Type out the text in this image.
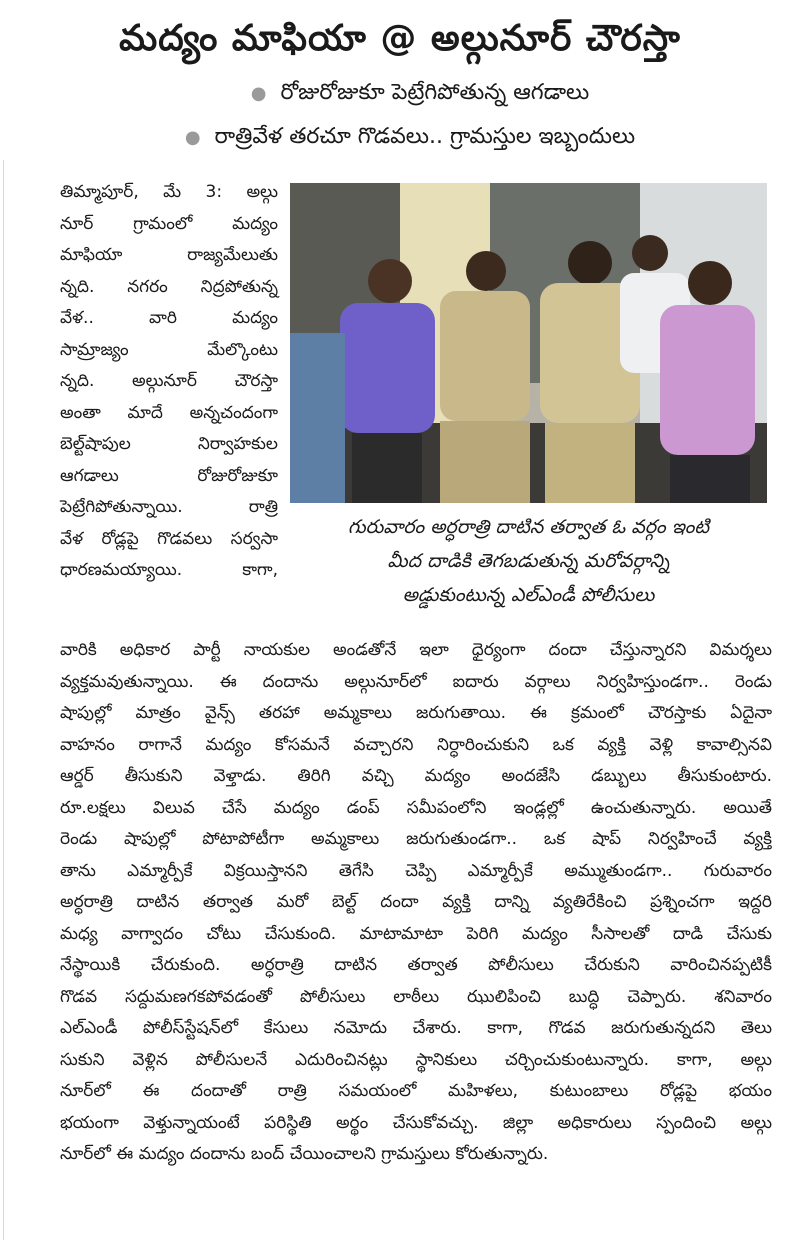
మద్యం మాఫియా @ అల్గునూర్ చౌరస్తా
● రోజురోజుకూ పెట్రేగిపోతున్న ఆగడాలు
● రాత్రివేళ తరచూ గొడవలు.. గ్రామస్తుల ఇబ్బందులు

తిమ్మాపూర్, మే 3: అల్గు

నూర్ గ్రామంలో మద్యం

మాఫియా రాజ్యమేలుతు

న్నది. నగరం నిద్రపోతున్న

వేళ.. వారి మద్యం

సామ్రాజ్యం మేల్కొంటు

న్నది. అల్గునూర్ చౌరస్తా

అంతా మాదే అన్నచందంగా

బెల్ట్‌షాపుల నిర్వాహకుల

ఆగడాలు రోజురోజుకూ

పెట్రేగిపోతున్నాయి. రాత్రి

వేళ రోడ్లపై గొడవలు సర్వసా

ధారణమయ్యాయి. కాగా,

గురువారం అర్ధరాత్రి దాటిన తర్వాత ఓ వర్గం ఇంటి
మీద దాడికి తెగబడుతున్న మరోవర్గాన్ని
అడ్డుకుంటున్న ఎల్ఎండీ పోలీసులు

వారికి అధికార పార్టీ నాయకుల అండతోనే ఇలా ధైర్యంగా దందా చేస్తున్నారని విమర్శలు

వ్యక్తమవుతున్నాయి. ఈ దందాను అల్గునూర్‌లో ఐదారు వర్గాలు నిర్వహిస్తుండగా.. రెండు

షాపుల్లో మాత్రం వైన్స్ తరహా అమ్మకాలు జరుగుతాయి. ఈ క్రమంలో చౌరస్తాకు ఏదైనా

వాహనం రాగానే మద్యం కోసమనే వచ్చారని నిర్ధారించుకుని ఒక వ్యక్తి వెళ్లి కావాల్సినవి

ఆర్డర్ తీసుకుని వెళ్తాడు. తిరిగి వచ్చి మద్యం అందజేసి డబ్బులు తీసుకుంటారు.

రూ.లక్షలు విలువ చేసే మద్యం డంప్ సమీపంలోని ఇండ్లల్లో ఉంచుతున్నారు. అయితే

రెండు షాపుల్లో పోటాపోటీగా అమ్మకాలు జరుగుతుండగా.. ఒక షాప్ నిర్వహించే వ్యక్తి

తాను ఎమ్మార్పీకే విక్రయిస్తానని తెగేసి చెప్పి ఎమ్మార్పీకే అమ్ముతుండగా.. గురువారం

అర్ధరాత్రి దాటిన తర్వాత మరో బెల్ట్ దందా వ్యక్తి దాన్ని వ్యతిరేకించి ప్రశ్నించగా ఇద్దరి

మధ్య వాగ్వాదం చోటు చేసుకుంది. మాటామాటా పెరిగి మద్యం సీసాలతో దాడి చేసుకు

నేస్థాయికి చేరుకుంది. అర్ధరాత్రి దాటిన తర్వాత పోలీసులు చేరుకుని వారించినప్పటికీ

గొడవ సద్దుమణగకపోవడంతో పోలీసులు లాఠీలు ఝులిపించి బుద్ధి చెప్పారు. శనివారం

ఎల్ఎండీ పోలీస్‌స్టేషన్‌లో కేసులు నమోదు చేశారు. కాగా, గొడవ జరుగుతున్నదని తెలు

సుకుని వెళ్లిన పోలీసులనే ఎదురించినట్లు స్థానికులు చర్చించుకుంటున్నారు. కాగా, అల్గు

నూర్‌లో ఈ దందాతో రాత్రి సమయంలో మహిళలు, కుటుంబాలు రోడ్లపై భయం

భయంగా వెళ్తున్నాయంటే పరిస్థితి అర్థం చేసుకోవచ్చు. జిల్లా అధికారులు స్పందించి అల్గు

నూర్‌లో ఈ మద్యం దందాను బంద్ చేయించాలని గ్రామస్తులు కోరుతున్నారు.
